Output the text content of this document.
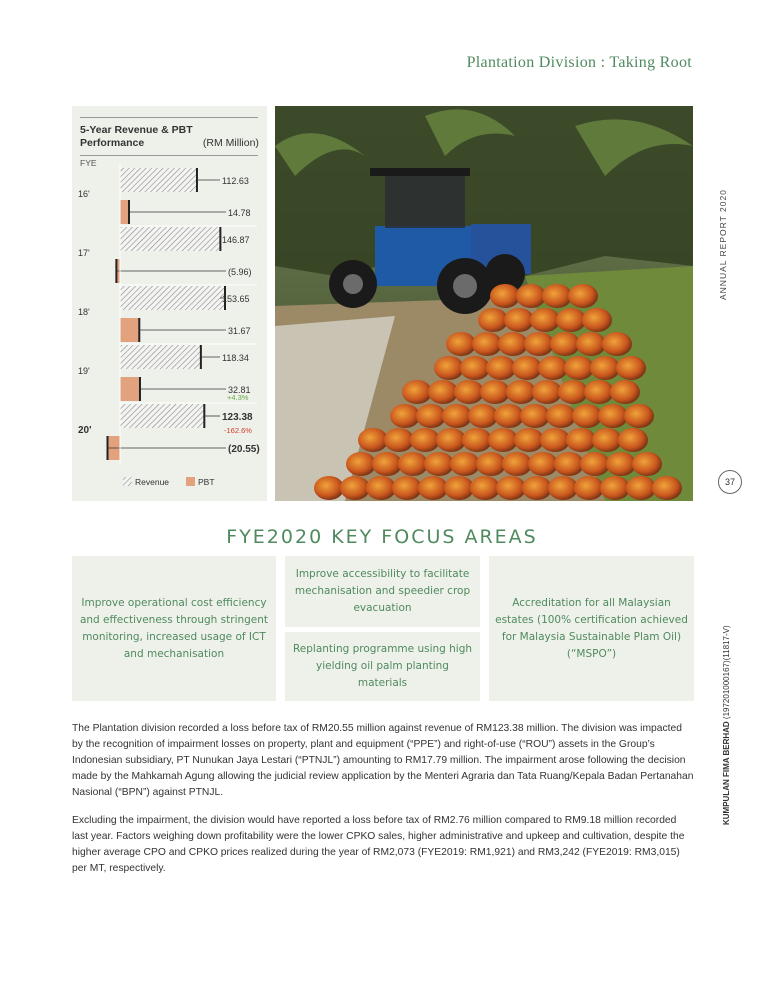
Plantation Division : Taking Root
ANNUAL REPORT 2020
37
KUMPULAN FIMA BERHAD (197201000167)(11817-V)
5-Year Revenue & PBT Performance	(RM Million)
FYE
112.63
14.78
16'
146.87
(5.96)
17'
153.65
31.67
18'
118.34
32.81
19'
123.38
(20.55)
20'
+4.3%
-162.6%
Revenue	PBT
FYE2020 KEY FOCUS AREAS
Improve operational cost efficiency and effectiveness through stringent monitoring, increased usage of ICT and mechanisation
Improve accessibility to facilitate mechanisation and speedier crop evacuation
Replanting programme using high yielding oil palm planting materials
Accreditation for all Malaysian estates (100% certification achieved for Malaysia Sustainable Plam Oil) (“MSPO”)
The Plantation division recorded a loss before tax of RM20.55 million against revenue of RM123.38 million. The division was impacted by the recognition of impairment losses on property, plant and equipment (“PPE”) and right-of-use (“ROU”) assets in the Group’s Indonesian subsidiary, PT Nunukan Jaya Lestari (“PTNJL”) amounting to RM17.79 million. The impairment arose following the decision made by the Mahkamah Agung allowing the judicial review application by the Menteri Agraria dan Tata Ruang/Kepala Badan Pertanahan Nasional (“BPN”) against PTNJL.
Excluding the impairment, the division would have reported a loss before tax of RM2.76 million compared to RM9.18 million recorded last year. Factors weighing down profitability were the lower CPKO sales, higher administrative and upkeep and cultivation, despite the higher average CPO and CPKO prices realized during the year of RM2,073 (FYE2019: RM1,921) and RM3,242 (FYE2019: RM3,015) per MT, respectively.
